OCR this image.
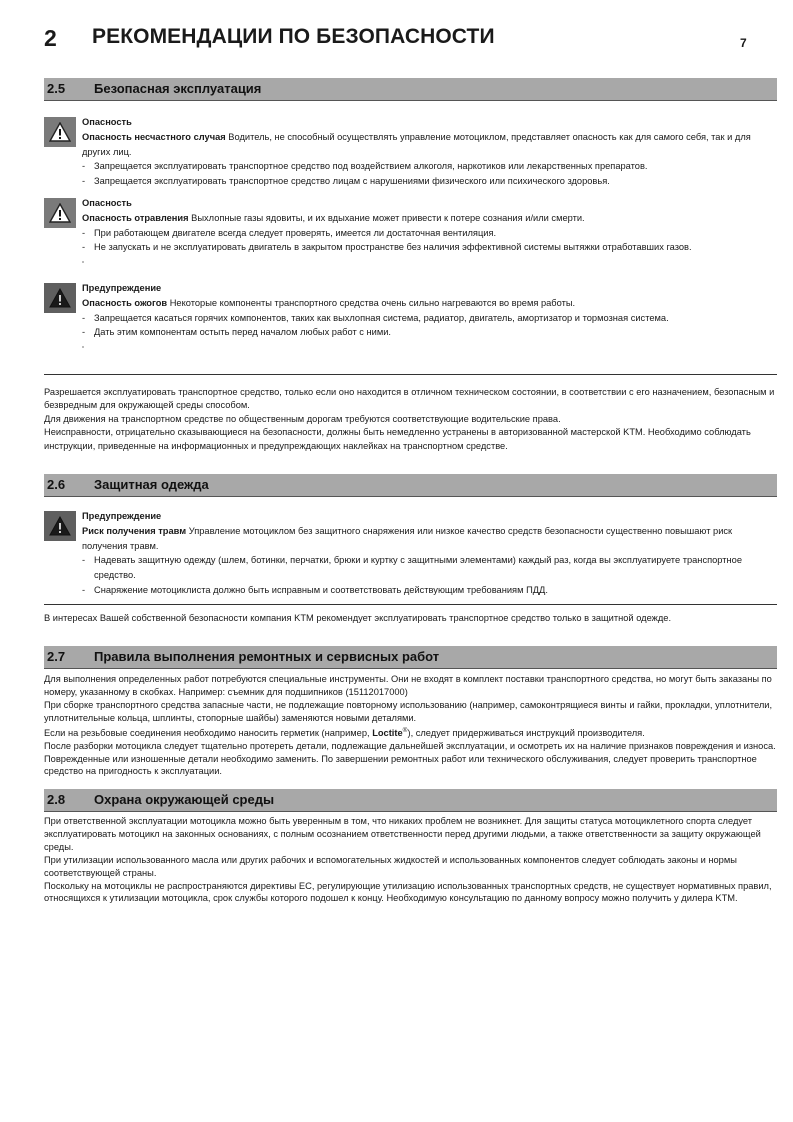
2 РЕКОМЕНДАЦИИ ПО БЕЗОПАСНОСТИ	7
2.5 Безопасная эксплуатация
Опасность
Опасность несчастного случая Водитель, не способный осуществлять управление мотоциклом, представляет опасность как для самого себя, так и для других лиц.
- Запрещается эксплуатировать транспортное средство под воздействием алкоголя, наркотиков или лекарственных препаратов.
- Запрещается эксплуатировать транспортное средство лицам с нарушениями физического или психического здоровья.
Опасность
Опасность отравления Выхлопные газы ядовиты, и их вдыхание может привести к потере сознания и/или смерти.
- При работающем двигателе всегда следует проверять, имеется ли достаточная вентиляция.
- Не запускать и не эксплуатировать двигатель в закрытом пространстве без наличия эффективной системы вытяжки отработавших газов.
Предупреждение
Опасность ожогов Некоторые компоненты транспортного средства очень сильно нагреваются во время работы.
- Запрещается касаться горячих компонентов, таких как выхлопная система, радиатор, двигатель, амортизатор и тормозная система.
- Дать этим компонентам остыть перед началом любых работ с ними.

Разрешается эксплуатировать транспортное средство, только если оно находится в отличном техническом состоянии, в соответствии с его назначением, безопасным и безвредным для окружающей среды способом.

Для движения на транспортном средстве по общественным дорогам требуются соответствующие водительские права.

Неисправности, отрицательно сказывающиеся на безопасности, должны быть немедленно устранены в авторизованной мастерской KTM. Необходимо соблюдать инструкции, приведенные на информационных и предупреждающих наклейках на транспортном средстве.

2.6 Защитная одежда
Предупреждение
Риск получения травм Управление мотоциклом без защитного снаряжения или низкое качество средств безопасности существенно повышают риск получения травм.
- Надевать защитную одежду (шлем, ботинки, перчатки, брюки и куртку с защитными элементами) каждый раз, когда вы эксплуатируете транспортное средство.
- Снаряжение мотоциклиста должно быть исправным и соответствовать действующим требованиям ПДД.

В интересах Вашей собственной безопасности компания KTM рекомендует эксплуатировать транспортное средство только в защитной одежде.

2.7 Правила выполнения ремонтных и сервисных работ

Для выполнения определенных работ потребуются специальные инструменты. Они не входят в комплект поставки транспортного средства, но могут быть заказаны по номеру, указанному в скобках. Например: съемник для подшипников (15112017000)

При сборке транспортного средства запасные части, не подлежащие повторному использованию (например, самоконтрящиеся винты и гайки, прокладки, уплотнители, уплотнительные кольца, шплинты, стопорные шайбы) заменяются новыми деталями.

Если на резьбовые соединения необходимо наносить герметик (например, Loctite®), следует придерживаться инструкций производителя.

После разборки мотоцикла следует тщательно протереть детали, подлежащие дальнейшей эксплуатации, и осмотреть их на наличие признаков повреждения и износа. Поврежденные или изношенные детали необходимо заменить. По завершении ремонтных работ или технического обслуживания, следует проверить транспортное средство на пригодность к эксплуатации.

2.8 Охрана окружающей среды

При ответственной эксплуатации мотоцикла можно быть уверенным в том, что никаких проблем не возникнет. Для защиты статуса мотоциклетного спорта следует эксплуатировать мотоцикл на законных основаниях, с полным осознанием ответственности перед другими людьми, а также ответственности за защиту окружающей среды.

При утилизации использованного масла или других рабочих и вспомогательных жидкостей и использованных компонентов следует соблюдать законы и нормы соответствующей страны.

Поскольку на мотоциклы не распространяются директивы ЕС, регулирующие утилизацию использованных транспортных средств, не существует нормативных правил, относящихся к утилизации мотоцикла, срок службы которого подошел к концу. Необходимую консультацию по данному вопросу можно получить у дилера KTM.
